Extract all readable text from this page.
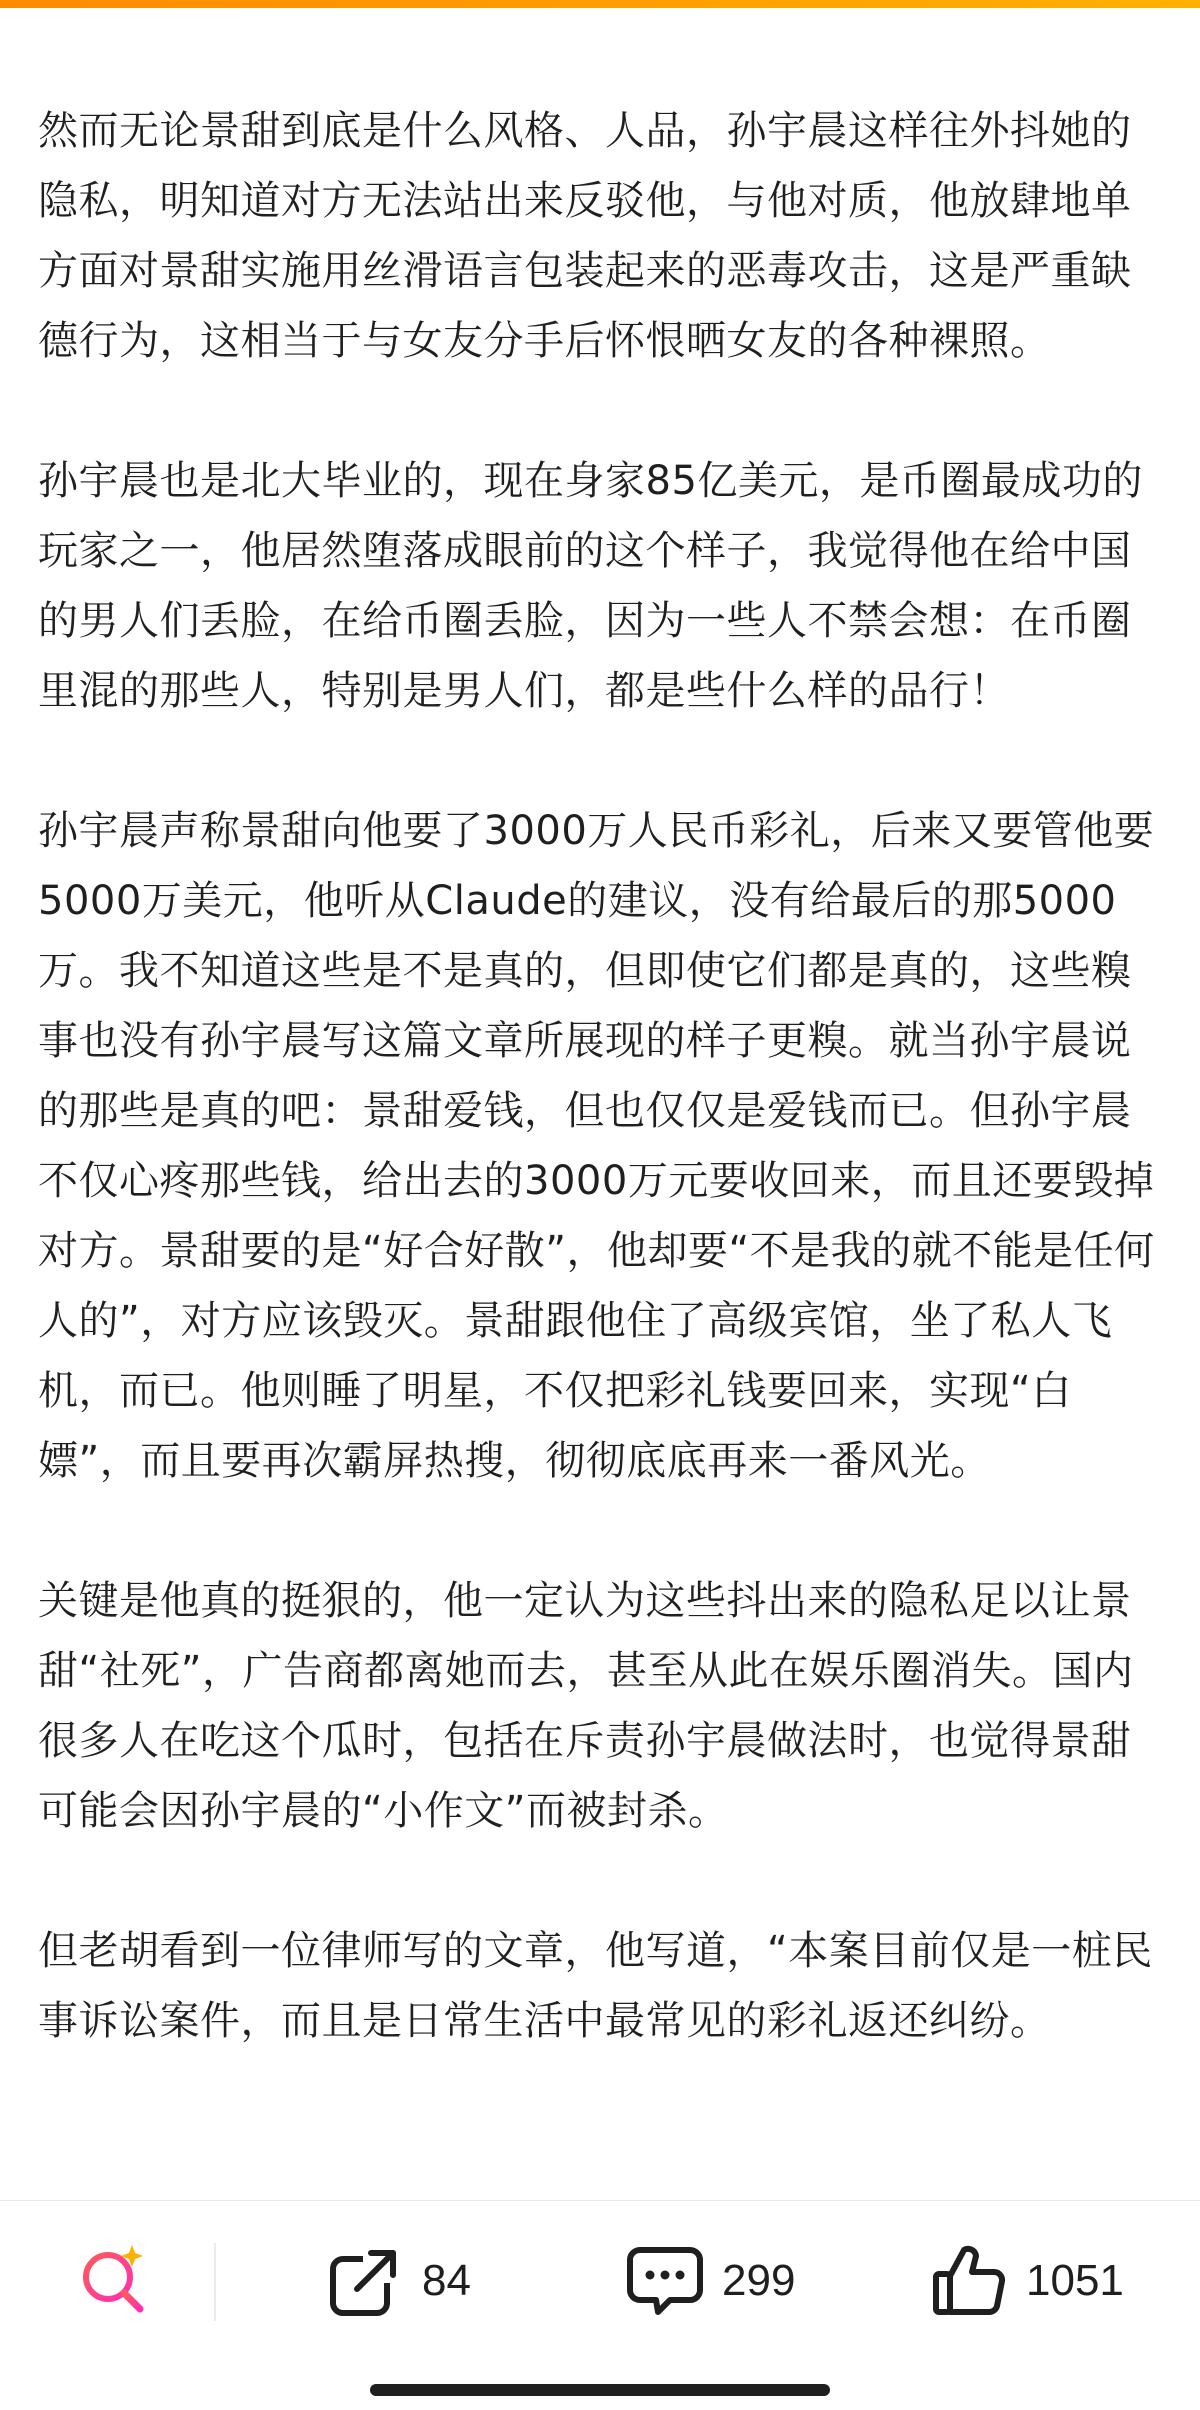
然而无论景甜到底是什么风格、人品，孙宇晨这样往外抖她的隐私，明知道对方无法站出来反驳他，与他对质，他放肆地单方面对景甜实施用丝滑语言包装起来的恶毒攻击，这是严重缺德行为，这相当于与女友分手后怀恨晒女友的各种裸照。

孙宇晨也是北大毕业的，现在身家85亿美元，是币圈最成功的玩家之一，他居然堕落成眼前的这个样子，我觉得他在给中国的男人们丢脸，在给币圈丢脸，因为一些人不禁会想：在币圈里混的那些人，特别是男人们，都是些什么样的品行！

孙宇晨声称景甜向他要了3000万人民币彩礼，后来又要管他要5000万美元，他听从Claude的建议，没有给最后的那5000万。我不知道这些是不是真的，但即使它们都是真的，这些糗事也没有孙宇晨写这篇文章所展现的样子更糗。就当孙宇晨说的那些是真的吧：景甜爱钱，但也仅仅是爱钱而已。但孙宇晨不仅心疼那些钱，给出去的3000万元要收回来，而且还要毁掉对方。景甜要的是“好合好散”，他却要“不是我的就不能是任何人的”，对方应该毁灭。景甜跟他住了高级宾馆，坐了私人飞机，而已。他则睡了明星，不仅把彩礼钱要回来，实现“白嫖”，而且要再次霸屏热搜，彻彻底底再来一番风光。

关键是他真的挺狠的，他一定认为这些抖出来的隐私足以让景甜“社死”，广告商都离她而去，甚至从此在娱乐圈消失。国内很多人在吃这个瓜时，包括在斥责孙宇晨做法时，也觉得景甜可能会因孙宇晨的“小作文”而被封杀。

但老胡看到一位律师写的文章，他写道，“本案目前仅是一桩民事诉讼案件，而且是日常生活中最常见的彩礼返还纠纷。

84	299	1051
